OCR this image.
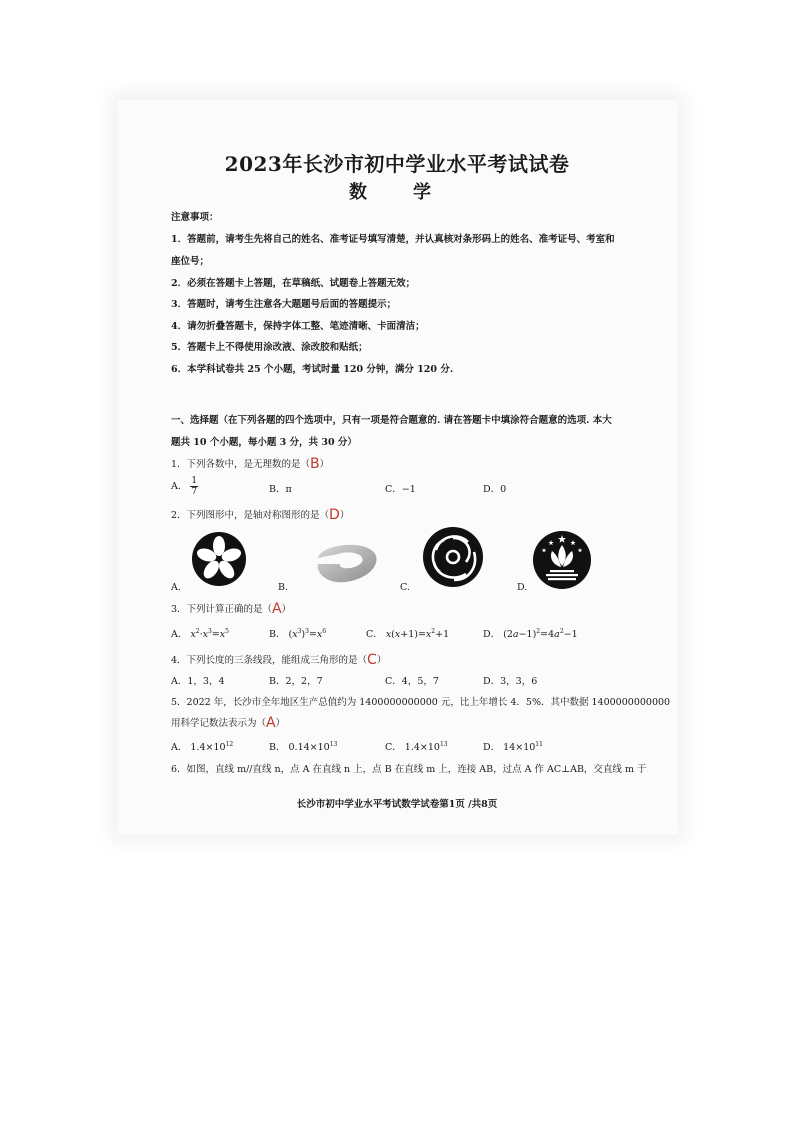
2023年长沙市初中学业水平考试试卷
数　学
注意事项：
1．答题前，请考生先将自己的姓名、准考证号填写清楚，并认真核对条形码上的姓名、准考证号、考室和
座位号；
2．必须在答题卡上答题，在草稿纸、试题卷上答题无效；
3．答题时，请考生注意各大题题号后面的答题提示；
4．请勿折叠答题卡，保持字体工整、笔迹清晰、卡面清洁；
5．答题卡上不得使用涂改液、涂改胶和贴纸；
6．本学科试卷共 25 个小题，考试时量 120 分钟，满分 120 分.
一、选择题（在下列各题的四个选项中，只有一项是符合题意的. 请在答题卡中填涂符合题意的选项. 本大
题共 10 个小题，每小题 3 分，共 30 分）
1．下列各数中，是无理数的是（B）
A． $\frac{1}{7}$	B．π	C．−1	D．0
2．下列图形中，是轴对称图形的是（D）
A.	B.	C.	D.
3．下列计算正确的是（A）
A． $x^2\cdot x^3=x^5$	B． $(x^3)^3=x^6$	C． $x(x+1)=x^2+1$	D． $(2a-1)^2=4a^2-1$
4．下列长度的三条线段，能组成三角形的是（C）
A．1，3，4	B．2，2，7	C．4，5，7	D．3，3，6
5．2022 年，长沙市全年地区生产总值约为 1400000000000 元，比上年增长 4．5%．其中数据 1400000000000
用科学记数法表示为（A）
A． $1.4\times 10^{12}$	B． $0.14\times 10^{13}$	C． $1.4\times 10^{13}$	D． $14\times 10^{11}$
6．如图，直线 m//直线 n，点 A 在直线 n 上，点 B 在直线 m 上，连接 AB，过点 A 作 AC⊥AB，交直线 m 于
长沙市初中学业水平考试数学试卷第1页 /共8页
